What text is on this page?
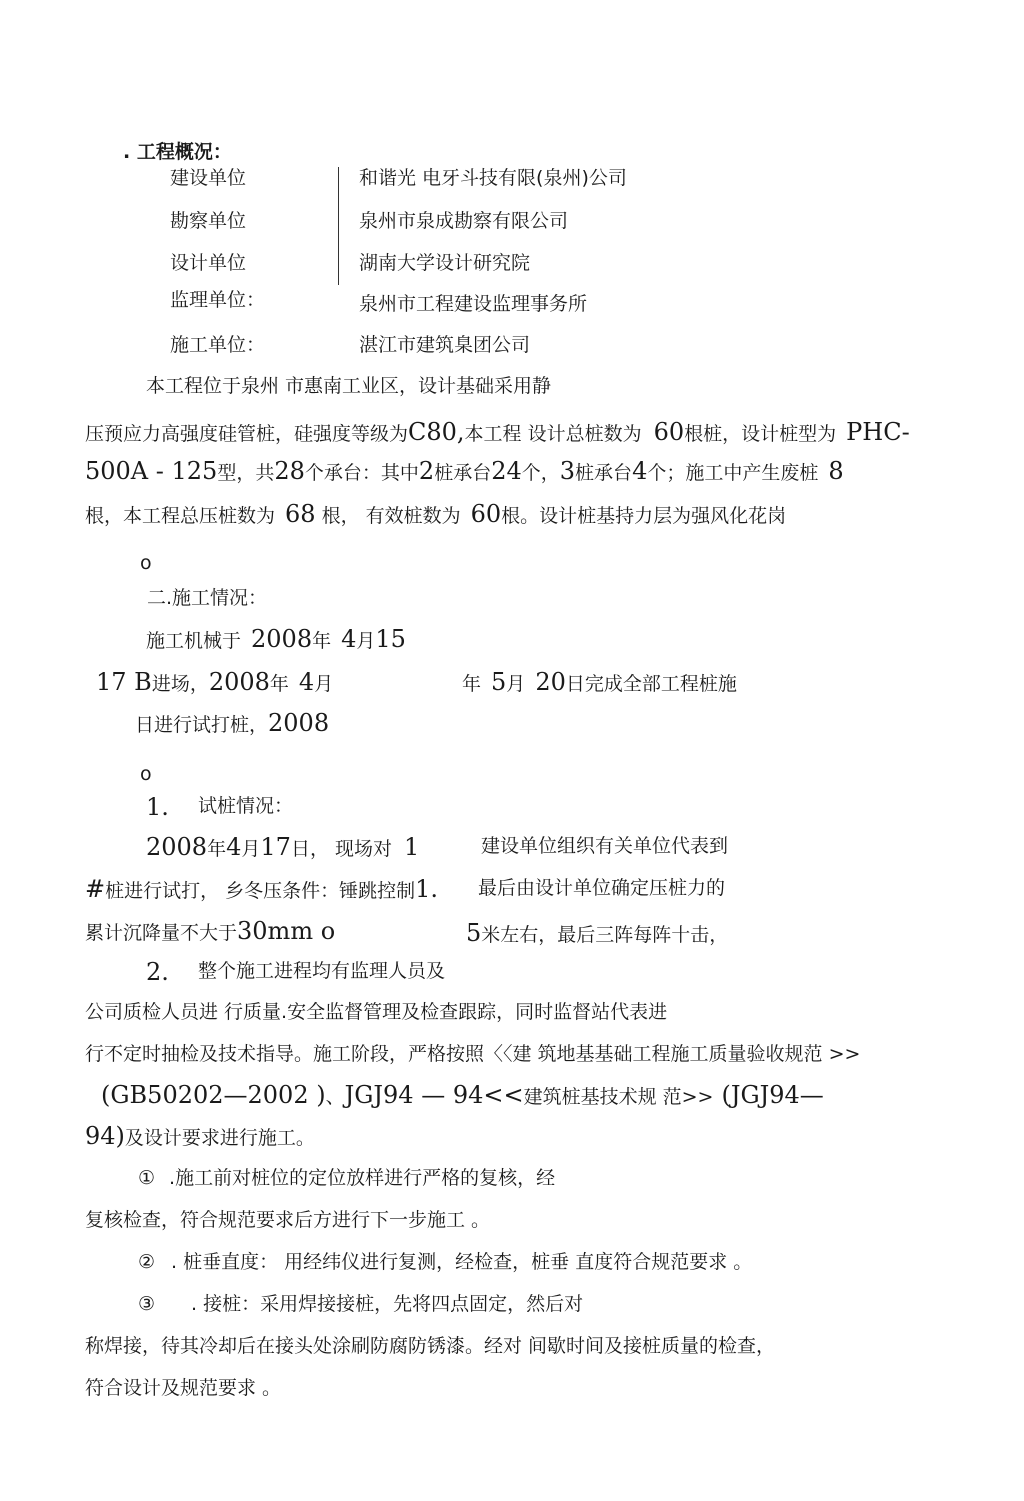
. 工程概况：
建设单位	和谐光 电牙斗技有限(泉州)公司
勘察单位	泉州市泉成勘察有限公司
设计单位	湖南大学设计研究院
监理单位：	泉州市工程建设监理事务所
施工单位：	湛江市建筑臬团公司
本工程位于泉州 市惠南工业区，设计基础采用静
压预应力高强度硅管桩，硅强度等级为C80,本工程 设计总桩数为 60根桩，设计桩型为 PHC-
500A - 125型，共28个承台：其中2桩承台24个，3桩承台4个；施工中产生废桩 8
根，本工程总压桩数为 68 根， 有效桩数为 60根。设计桩基持力层为强风化花岗
o
二.施工情况：
施工机械于 2008年 4月15
17 B进场，2008年 4月	年 5月 20日完成全部工程桩施
日进行试打桩，2008
o
1. 试桩情况：
2008年4月17日， 现场对 1	建设单位组织有关单位代表到
#桩进行试打， 乡冬压条件：锤跳控制1. 最后由设计单位确定压桩力的
累计沉降量不大于30mm o	5米左右，最后三阵每阵十击，
2. 整个施工进程均有监理人员及
公司质检人员进 行质量.安全监督管理及检查跟踪，同时监督站代表进
行不定时抽检及技术指导。施工阶段，严格按照〈〈建 筑地基基础工程施工质量验收规范 >>
(GB50202—2002 )、JGJ94 — 94<<建筑桩基技术规 范>> (JGJ94—
94)及设计要求进行施工。
① .施工前对桩位的定位放样进行严格的复核，经
复核检查，符合规范要求后方进行下一步施工 。
② . 桩垂直度： 用经纬仪进行复测，经检查，桩垂 直度符合规范要求 。
③ . 接桩：采用焊接接桩，先将四点固定，然后对
称焊接，待其冷却后在接头处涂刷防腐防锈漆。经对 间歇时间及接桩质量的检查，
符合设计及规范要求 。
